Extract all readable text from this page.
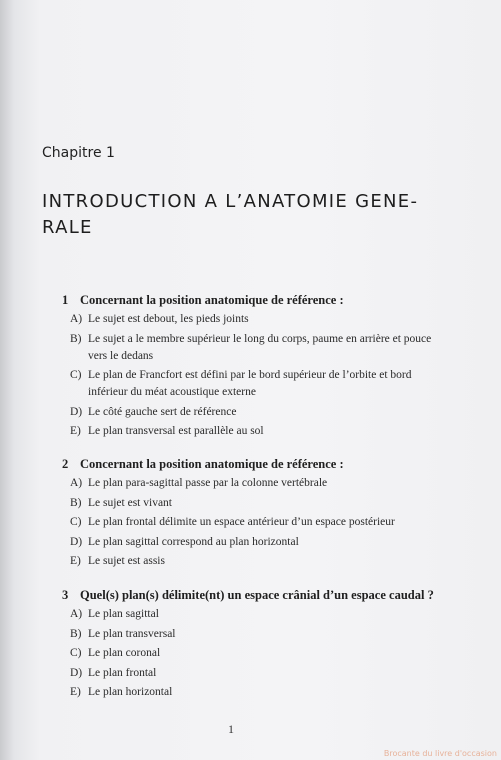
Chapitre 1
INTRODUCTION A L’ANATOMIE GENE- RALE
1 Concernant la position anatomique de référence :
A) Le sujet est debout, les pieds joints
B) Le sujet a le membre supérieur le long du corps, paume en arrière et pouce vers le dedans
C) Le plan de Francfort est défini par le bord supérieur de l’orbite et bord inférieur du méat acoustique externe
D) Le côté gauche sert de référence
E) Le plan transversal est parallèle au sol
2 Concernant la position anatomique de référence :
A) Le plan para-sagittal passe par la colonne vertébrale
B) Le sujet est vivant
C) Le plan frontal délimite un espace antérieur d’un espace postérieur
D) Le plan sagittal correspond au plan horizontal
E) Le sujet est assis
3 Quel(s) plan(s) délimite(nt) un espace crânial d’un espace caudal ?
A) Le plan sagittal
B) Le plan transversal
C) Le plan coronal
D) Le plan frontal
E) Le plan horizontal
1
Brocante du livre d'occasion
